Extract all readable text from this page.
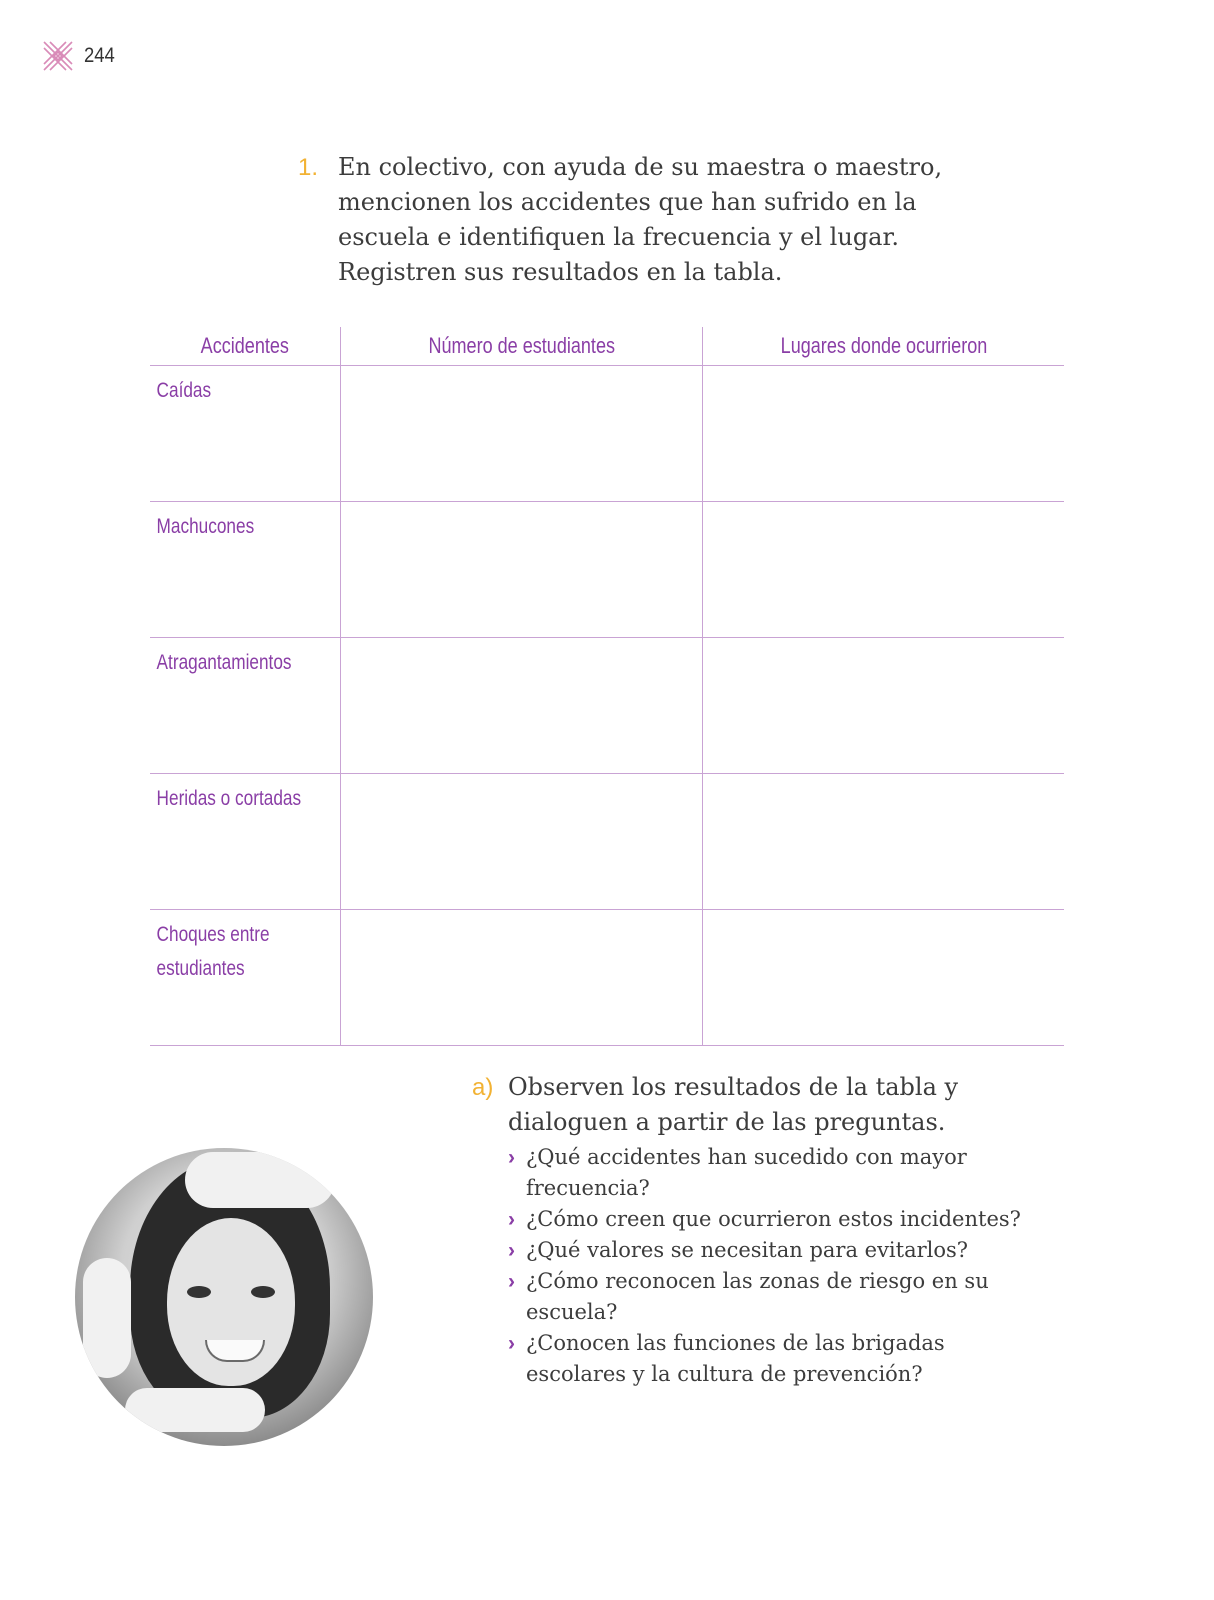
244
1. En colectivo, con ayuda de su maestra o maestro, mencionen los accidentes que han sufrido en la escuela e identifiquen la frecuencia y el lugar. Registren sus resultados en la tabla.
Accidentes	Número de estudiantes	Lugares donde ocurrieron
Caídas
Machucones
Atragantamientos
Heridas o cortadas
Choques entre estudiantes
a) Observen los resultados de la tabla y dialoguen a partir de las preguntas.
› ¿Qué accidentes han sucedido con mayor frecuencia?
› ¿Cómo creen que ocurrieron estos incidentes?
› ¿Qué valores se necesitan para evitarlos?
› ¿Cómo reconocen las zonas de riesgo en su escuela?
› ¿Conocen las funciones de las brigadas escolares y la cultura de prevención?
